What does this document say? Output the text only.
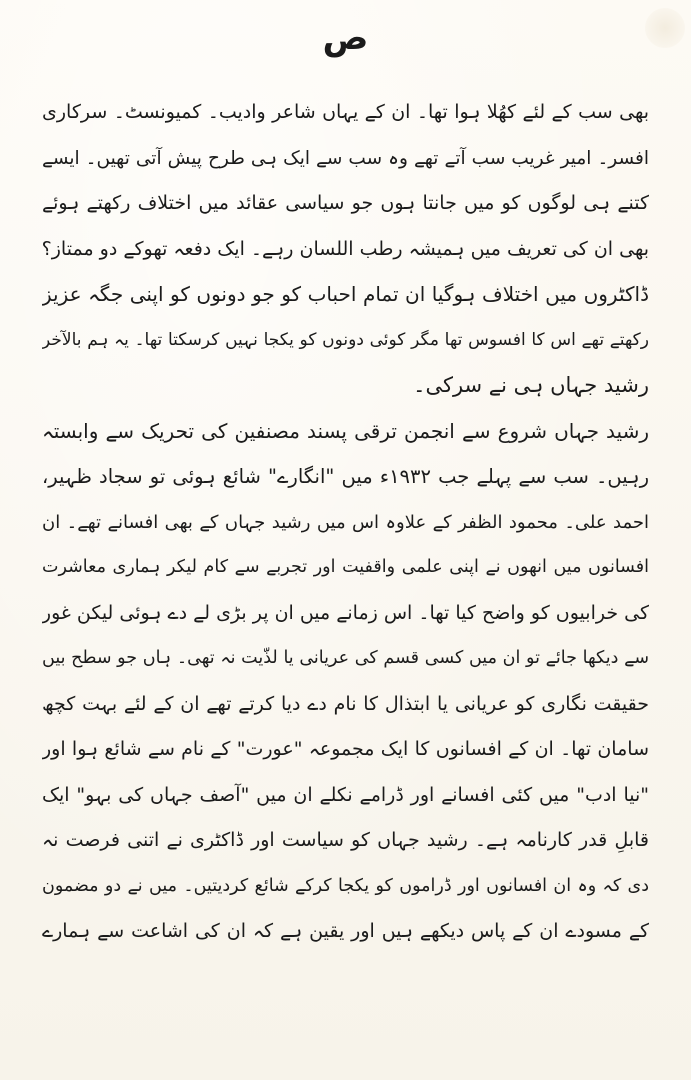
ص
بھی سب کے لئے کھُلا ہوا تھا۔ ان کے یہاں شاعر وادیب۔ کمیونسٹ۔ سرکاری
افسر۔ امیر غریب سب آتے تھے وہ سب سے ایک ہی طرح پیش آتی تھیں۔ ایسے
کتنے ہی لوگوں کو میں جانتا ہوں جو سیاسی عقائد میں اختلاف رکھتے ہوئے
بھی ان کی تعریف میں ہمیشہ رطب اللسان رہے۔ ایک دفعہ تھوکے دو ممتاز؟
ڈاکٹروں میں اختلاف ہوگیا ان تمام احباب کو جو دونوں کو اپنی جگہ عزیز
رکھتے تھے اس کا افسوس تھا مگر کوئی دونوں کو یکجا نہیں کرسکتا تھا۔ یہ ہم بالآخر
رشید جہاں ہی نے سرکی۔
رشید جہاں شروع سے انجمن ترقی پسند مصنفین کی تحریک سے وابستہ
رہیں۔ سب سے پہلے جب ۱۹۳۲ء میں "انگارے" شائع ہوئی تو سجاد ظہیر،
احمد علی۔ محمود الظفر کے علاوہ اس میں رشید جہاں کے بھی افسانے تھے۔ ان
افسانوں میں انھوں نے اپنی علمی واقفیت اور تجربے سے کام لیکر ہماری معاشرت
کی خرابیوں کو واضح کیا تھا۔ اس زمانے میں ان پر بڑی لے دے ہوئی لیکن غور
سے دیکھا جائے تو ان میں کسی قسم کی عریانی یا لذّیت نہ تھی۔ ہاں جو سطح بیں
حقیقت نگاری کو عریانی یا ابتذال کا نام دے دیا کرتے تھے ان کے لئے بہت کچھ
سامان تھا۔ ان کے افسانوں کا ایک مجموعہ "عورت" کے نام سے شائع ہوا اور
"نیا ادب" میں کئی افسانے اور ڈرامے نکلے ان میں "آصف جہاں کی بہو" ایک
قابلِ قدر کارنامہ ہے۔ رشید جہاں کو سیاست اور ڈاکٹری نے اتنی فرصت نہ
دی کہ وہ ان افسانوں اور ڈراموں کو یکجا کرکے شائع کردیتیں۔ میں نے دو مضمون
کے مسودے ان کے پاس دیکھے ہیں اور یقین ہے کہ ان کی اشاعت سے ہمارے
